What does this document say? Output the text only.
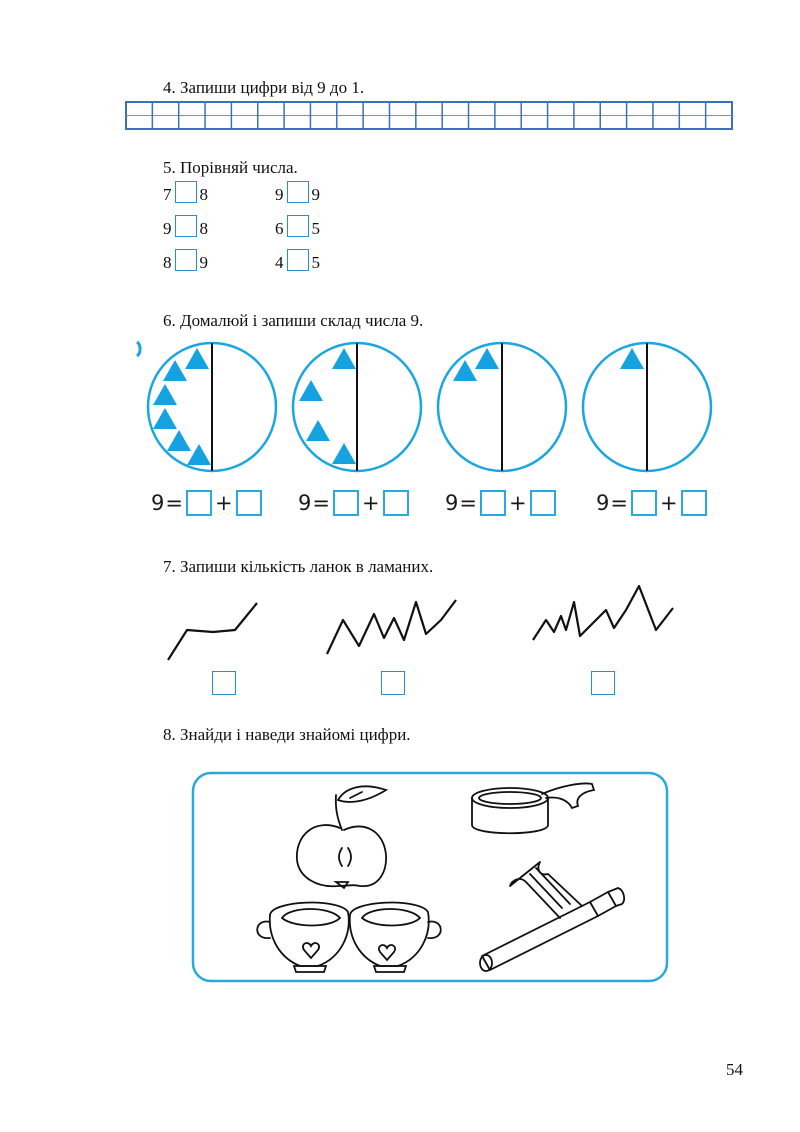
4. Запиши цифри від 9 до 1.
5. Порівняй числа.
7 8	9 9
9 8	6 5
8 9	4 5
6. Домалюй і запиши склад числа 9.
9 = +	9 = +	9 = +	9 = +
7. Запиши кількість ланок в ламаних.
8. Знайди і наведи знайомі цифри.
54
